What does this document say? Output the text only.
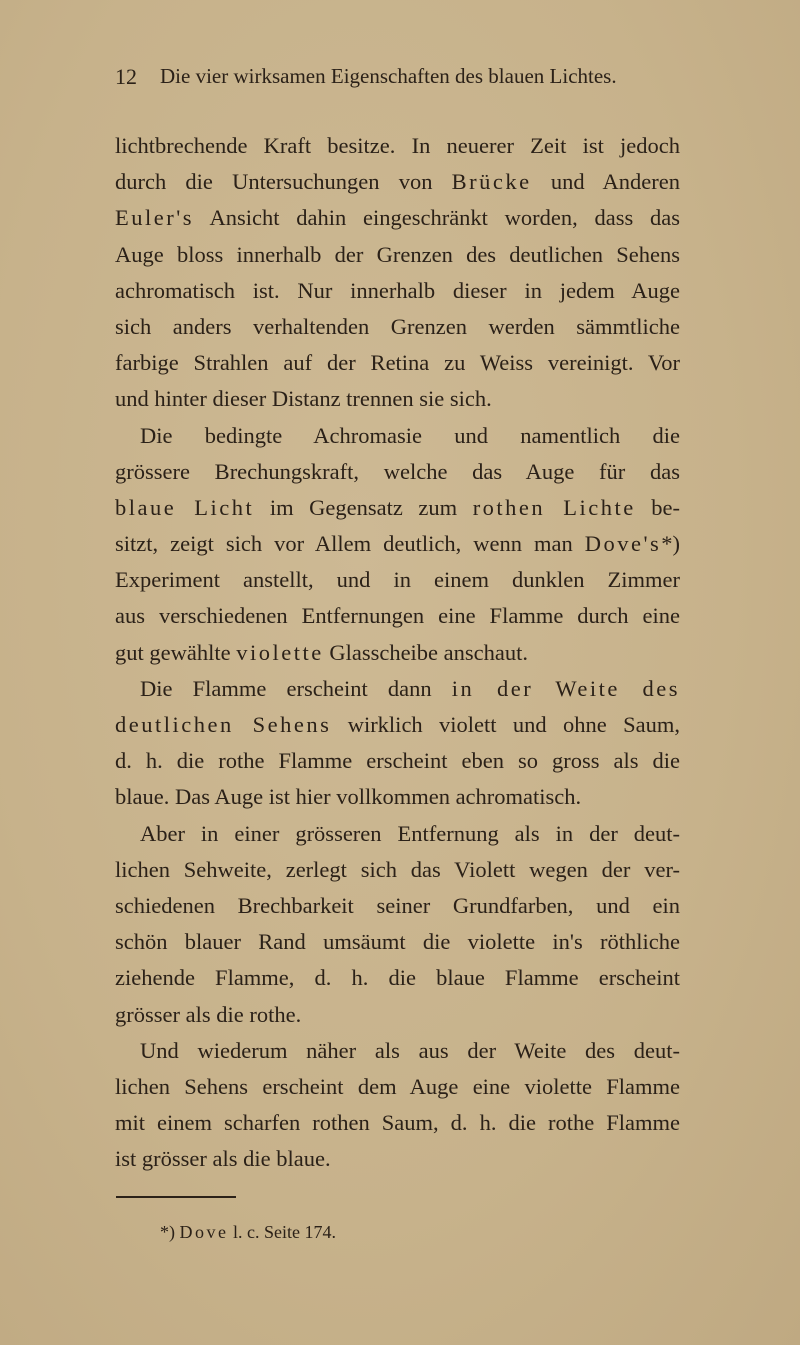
12 Die vier wirksamen Eigenschaften des blauen Lichtes.
lichtbrechende Kraft besitze. In neuerer Zeit ist jedoch
durch die Untersuchungen von Brücke und Anderen
Euler's Ansicht dahin eingeschränkt worden, dass das
Auge bloss innerhalb der Grenzen des deutlichen Sehens
achromatisch ist. Nur innerhalb dieser in jedem Auge
sich anders verhaltenden Grenzen werden sämmtliche
farbige Strahlen auf der Retina zu Weiss vereinigt. Vor
und hinter dieser Distanz trennen sie sich.
Die bedingte Achromasie und namentlich die
grössere Brechungskraft, welche das Auge für das
blaue Licht im Gegensatz zum rothen Lichte be-
sitzt, zeigt sich vor Allem deutlich, wenn man Dove's*)
Experiment anstellt, und in einem dunklen Zimmer
aus verschiedenen Entfernungen eine Flamme durch eine
gut gewählte violette Glasscheibe anschaut.
Die Flamme erscheint dann in der Weite des
deutlichen Sehens wirklich violett und ohne Saum,
d. h. die rothe Flamme erscheint eben so gross als die
blaue. Das Auge ist hier vollkommen achromatisch.
Aber in einer grösseren Entfernung als in der deut-
lichen Sehweite, zerlegt sich das Violett wegen der ver-
schiedenen Brechbarkeit seiner Grundfarben, und ein
schön blauer Rand umsäumt die violette in's röthliche
ziehende Flamme, d. h. die blaue Flamme erscheint
grösser als die rothe.
Und wiederum näher als aus der Weite des deut-
lichen Sehens erscheint dem Auge eine violette Flamme
mit einem scharfen rothen Saum, d. h. die rothe Flamme
ist grösser als die blaue.
*) Dove l. c. Seite 174.
